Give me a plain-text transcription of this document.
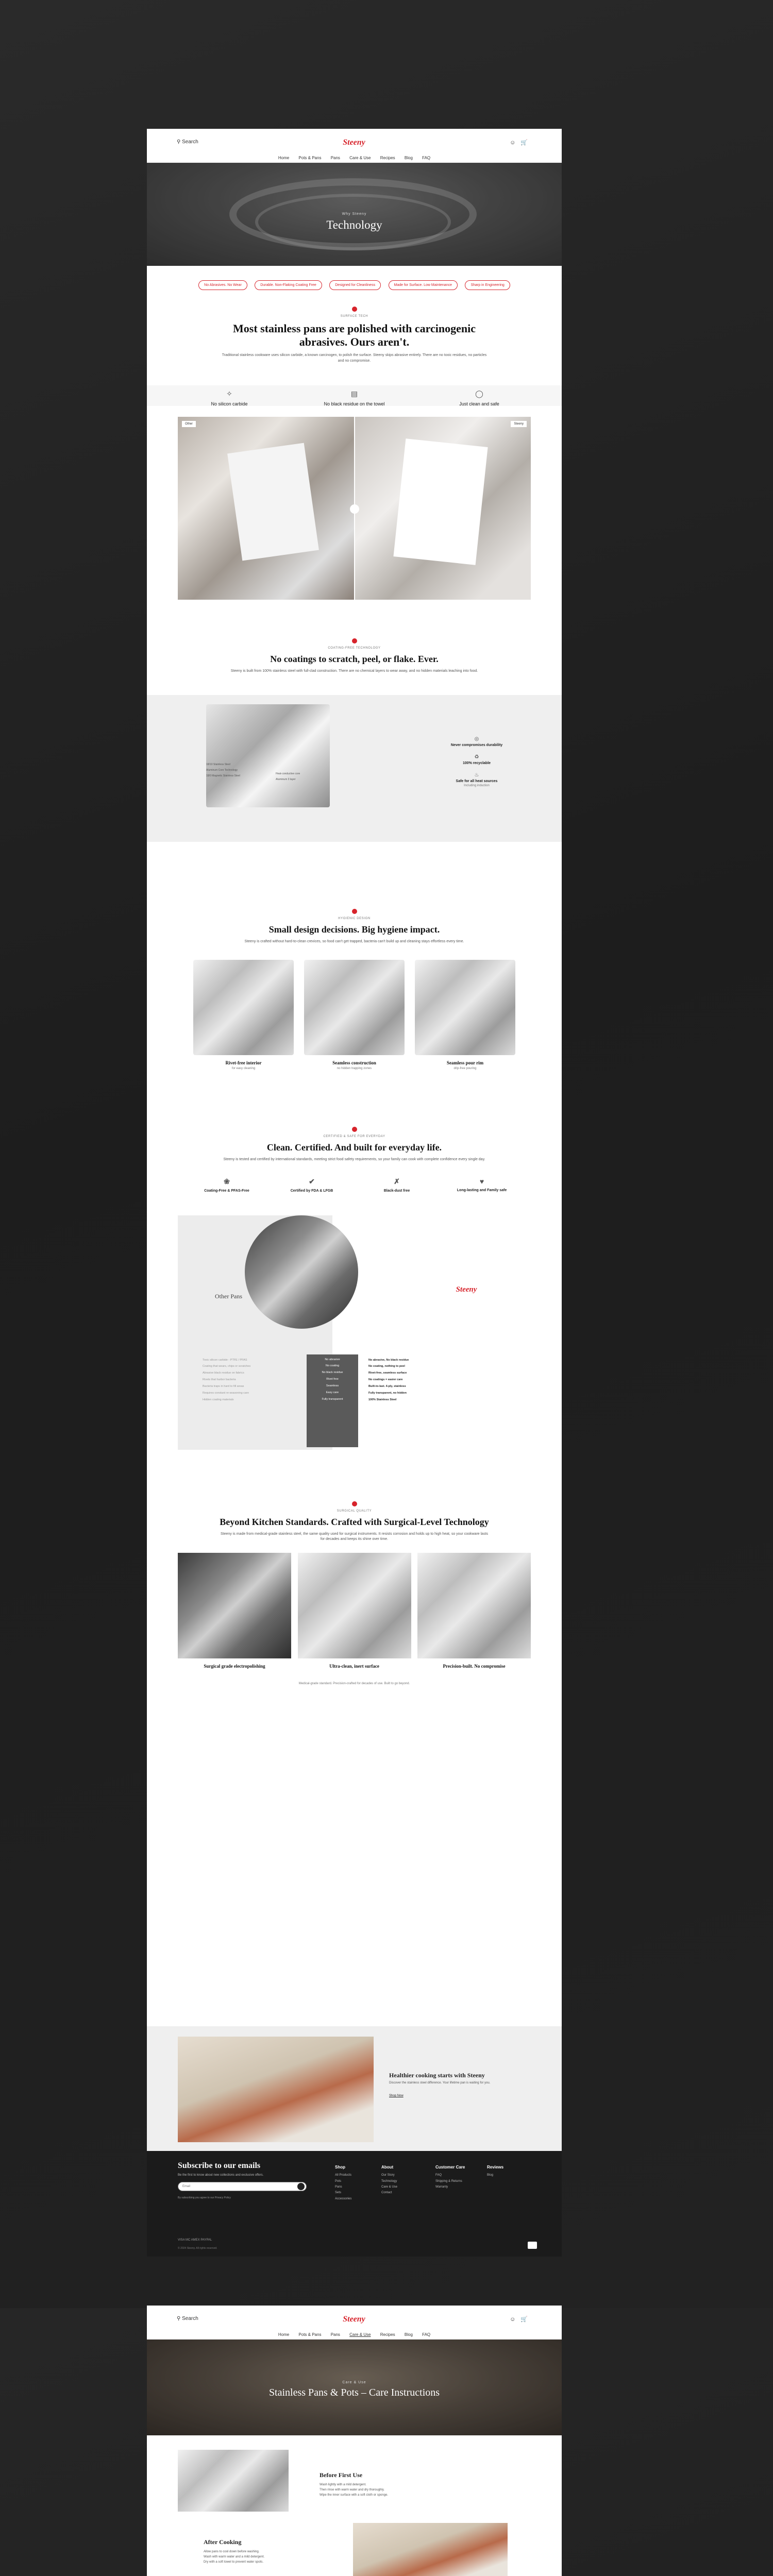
⚲ Search	Steeny	☺🛒
Home Pots & Pans Pans Care & Use Recipes Blog FAQ
Why Steeny
Technology
No Abrasives. No Wear	Durable. Non-Flaking Coating Free	Designed for Cleanliness	Made for Surface. Low Maintenance	Sharp in Engineering
SURFACE TECH
Most stainless pans are polished with carcinogenic abrasives. Ours aren't.
Traditional stainless cookware uses silicon carbide, a known carcinogen, to polish the surface. Steeny skips abrasive entirely. There are no toxic residues, no particles and no compromise.
✧
No silicon carbide
▤
No black residue on the towel
◯
Just clean and safe
Other	Steeny
COATING-FREE TECHNOLOGY
No coatings to scratch, peel, or flake. Ever.
Steeny is built from 100% stainless steel with full-clad construction. There are no chemical layers to wear away, and no hidden materials leaching into food.
18/10 Stainless Steel
Aluminum Core Technology
18/0 Magnetic Stainless Steel
Heat-conductive core
Aluminum 3 layer
◎
Never compromises durability
♻
100% recyclable
♨
Safe for all heat sources
Including induction
HYGIENIC DESIGN
Small design decisions. Big hygiene impact.
Steeny is crafted without hard-to-clean crevices, so food can't get trapped, bacteria can't build up and cleaning stays effortless every time.
Rivet-free interior
for easy cleaning
Seamless construction
no hidden trapping zones
Seamless pour rim
drip-free pouring
CERTIFIED & SAFE FOR EVERYDAY
Clean. Certified. And built for everyday life.
Steeny is tested and certified by international standards, meeting strict food safety requirements, so your family can cook with complete confidence every single day.
❀
Coating-Free & PFAS-Free
✔
Certified by FDA & LFGB
✗
Black-dust free
♥
Long-lasting and Family safe
Other Pans
Steeny
Toxic silicon carbide - PTFE / PFAS
Coating that wears, chips or scratches
Abrasive black residue on fabrics
Rivets that harbor bacteria
Bacteria traps in hard to fill areas
Requires constant re-seasoning care
Hidden coating materials
No abrasive
No coating
No black residue
Rivet free
Seamless
Easy care
Fully transparent
No abrasive, No black residue
No coating, nothing to peel
Rivet-free, seamless surface
No coatings = easier care
Built-to-last. 4-ply, stainless
Fully transparent, no hidden
100% Stainless Steel
SURGICAL QUALITY
Beyond Kitchen Standards. Crafted with Surgical-Level Technology
Steeny is made from medical-grade stainless steel, the same quality used for surgical instruments. It resists corrosion and holds up to high heat, so your cookware lasts for decades and keeps its shine over time.
Surgical grade electropolishing	Ultra-clean, inert surface	Precision-built. No compromise
Medical-grade standard. Precision-crafted for decades of use. Built to go beyond.
Healthier cooking starts with Steeny
Discover the stainless steel difference. Your lifetime pan is waiting for you.
Shop Now
Subscribe to our emails
Be the first to know about new collections and exclusive offers.
Email
By subscribing you agree to our Privacy Policy
Shop
All Products
Pots
Pans
Sets
Accessories
About
Our Story
Technology
Care & Use
Contact
Customer Care
FAQ
Shipping & Returns
Warranty
Reviews
Blog
VISA MC AMEX PAYPAL
© 2024 Steeny. All rights reserved.
⚲ Search	Steeny	☺🛒
Home Pots & Pans Pans Care & Use Recipes Blog FAQ
Care & Use
Stainless Pans & Pots – Care Instructions
Before First Use
Wash lightly with a mild detergent.
Then rinse with warm water and dry thoroughly.
Wipe the inner surface with a soft cloth or sponge.
After Cooking
Allow pans to cool down before washing.
Wash with warm water and a mild detergent.
Dry with a soft towel to prevent water spots.
